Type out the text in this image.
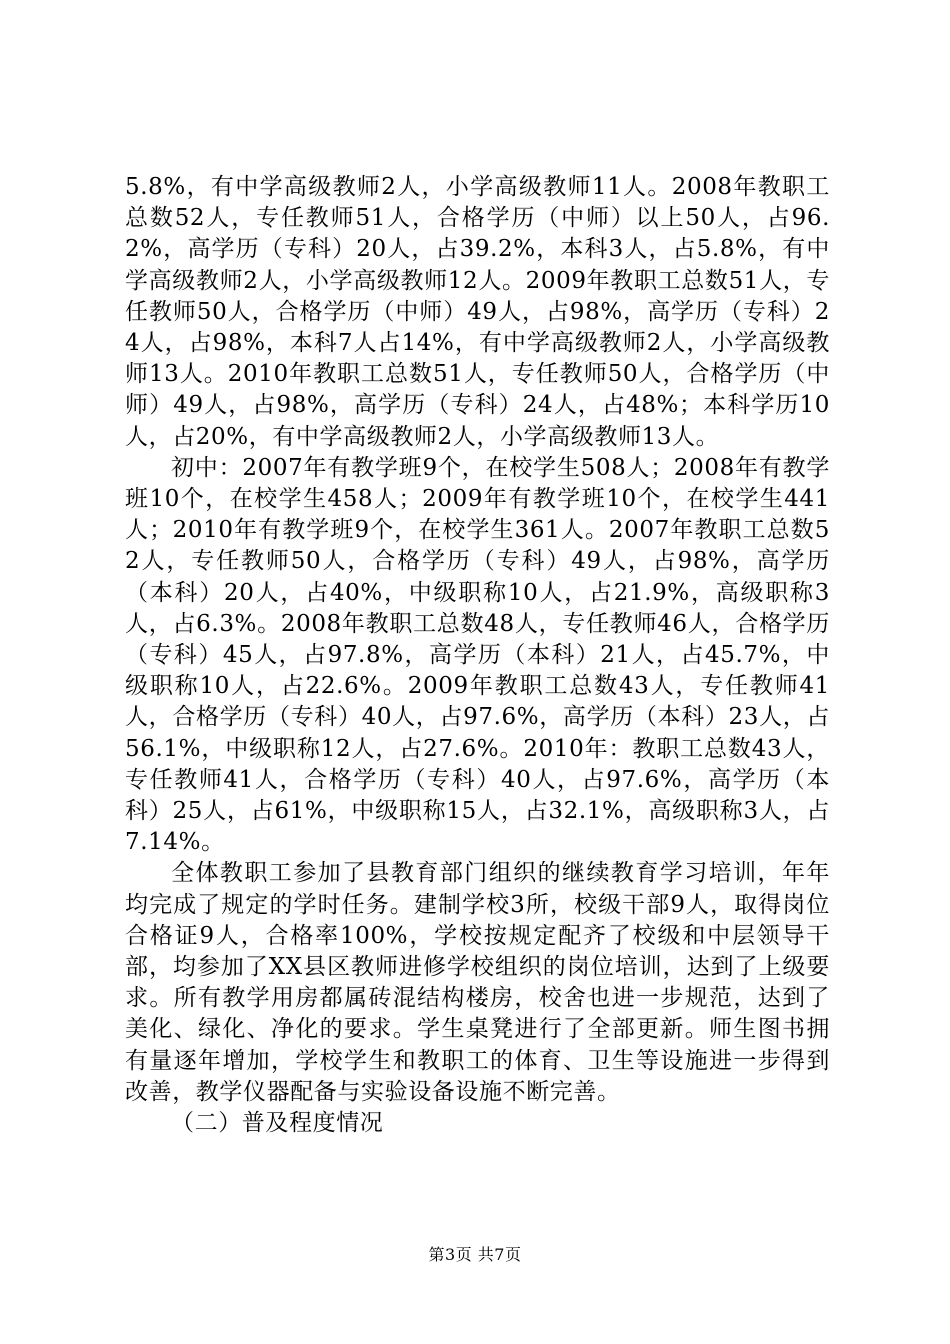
5.8%，有中学高级教师2人，小学高级教师11人。2008年教职工总数52人，专任教师51人，合格学历（中师）以上50人，占96.2%，高学历（专科）20人，占39.2%，本科3人，占5.8%，有中学高级教师2人，小学高级教师12人。2009年教职工总数51人，专任教师50人，合格学历（中师）49人，占98%，高学历（专科）24人，占98%，本科7人占14%，有中学高级教师2人，小学高级教师13人。2010年教职工总数51人，专任教师50人，合格学历（中师）49人，占98%，高学历（专科）24人，占48%；本科学历10人，占20%，有中学高级教师2人，小学高级教师13人。

初中：2007年有教学班9个，在校学生508人；2008年有教学班10个，在校学生458人；2009年有教学班10个，在校学生441人；2010年有教学班9个，在校学生361人。2007年教职工总数52人，专任教师50人，合格学历（专科）49人，占98%，高学历（本科）20人，占40%，中级职称10人，占21.9%，高级职称3人，占6.3%。2008年教职工总数48人，专任教师46人，合格学历（专科）45人，占97.8%，高学历（本科）21人，占45.7%，中级职称10人，占22.6%。2009年教职工总数43人，专任教师41人，合格学历（专科）40人，占97.6%，高学历（本科）23人，占56.1%，中级职称12人，占27.6%。2010年：教职工总数43人，专任教师41人，合格学历（专科）40人，占97.6%，高学历（本科）25人，占61%，中级职称15人，占32.1%，高级职称3人，占7.14%。

全体教职工参加了县教育部门组织的继续教育学习培训，年年均完成了规定的学时任务。建制学校3所，校级干部9人，取得岗位合格证9人，合格率100%，学校按规定配齐了校级和中层领导干部，均参加了XX县区教师进修学校组织的岗位培训，达到了上级要求。所有教学用房都属砖混结构楼房，校舍也进一步规范，达到了美化、绿化、净化的要求。学生桌凳进行了全部更新。师生图书拥有量逐年增加，学校学生和教职工的体育、卫生等设施进一步得到改善，教学仪器配备与实验设备设施不断完善。

（二）普及程度情况

第3页 共7页
